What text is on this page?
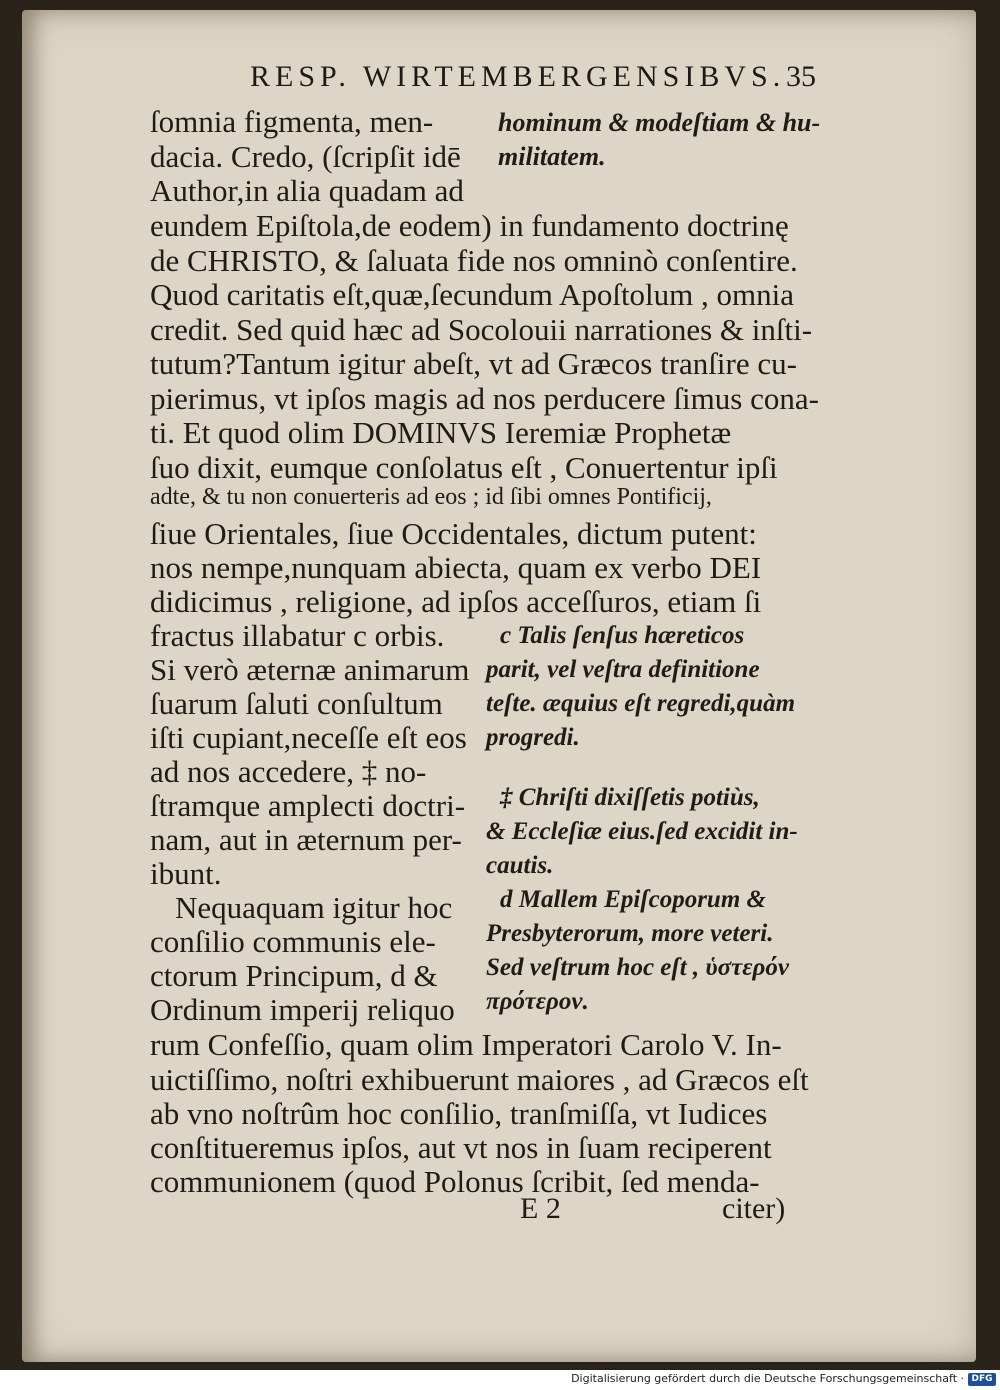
RESP. WIRTEMBERGENSIBVS. 35
ſomnia figmenta, men-
dacia. Credo, (ſcripſit idē
Author,in alia quadam ad
eundem Epiſtola,de eodem) in fundamento doctrinę
de CHRISTO, & ſaluata fide nos omninò conſentire.
Quod caritatis eſt,quæ,ſecundum Apoſtolum , omnia
credit. Sed quid hæc ad Socolouii narrationes & inſti-
tutum?Tantum igitur abeſt, vt ad Græcos tranſire cu-
pierimus, vt ipſos magis ad nos perducere ſimus cona-
ti. Et quod olim DOMINVS Ieremiæ Prophetæ
ſuo dixit, eumque conſolatus eſt , Conuertentur ipſi
adte, & tu non conuerteris ad eos ; id ſibi omnes Pontificij,
ſiue Orientales, ſiue Occidentales, dictum putent:
nos nempe,nunquam abiecta, quam ex verbo DEI
didicimus , religione, ad ipſos acceſſuros, etiam ſi
fractus illabatur c orbis.
Si verò æternæ animarum
ſuarum ſaluti conſultum
iſti cupiant,neceſſe eſt eos
ad nos accedere, ‡ no-
ſtramque amplecti doctri-
nam, aut in æternum per-
ibunt.
Nequaquam igitur hoc
conſilio communis ele-
ctorum Principum, d &
Ordinum imperij reliquo
rum Confeſſio, quam olim Imperatori Carolo V. In-
uictiſſimo, noſtri exhibuerunt maiores , ad Græcos eſt
ab vno noſtrûm hoc conſilio, tranſmiſſa, vt Iudices
conſtitueremus ipſos, aut vt nos in ſuam reciperent
communionem (quod Polonus ſcribit, ſed menda-
hominum & modeſtiam & hu-
militatem.
c Talis ſenſus hæreticos
parit, vel veſtra definitione
teſte. æquius eſt regredi,quàm
progredi.
‡ Chriſti dixiſſetis potiùs,
& Eccleſiæ eius.ſed excidit in-
cautis.
d Mallem Epiſcoporum &
Presbyterorum, more veteri.
Sed veſtrum hoc eſt , ὑστερόν
πρότερον.
E 2	citer)
Digitalisierung gefördert durch die Deutsche Forschungsgemeinschaft · DFG
